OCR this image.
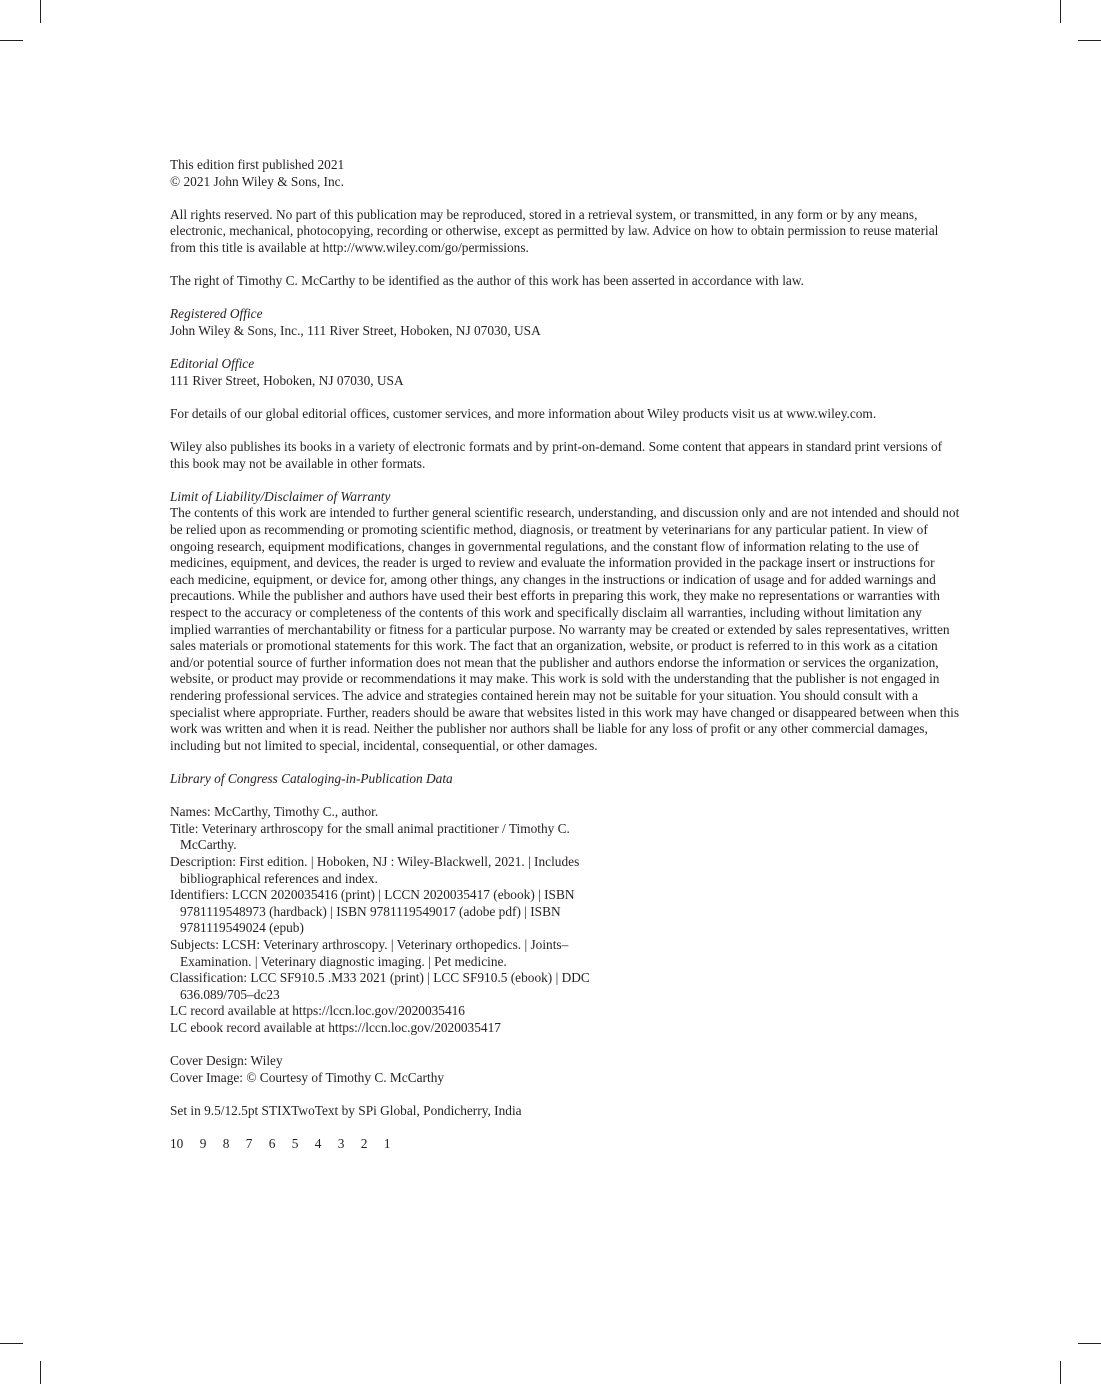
This edition first published 2021

© 2021 John Wiley & Sons, Inc.

All rights reserved. No part of this publication may be reproduced, stored in a retrieval system, or transmitted, in any form or by any means, electronic, mechanical, photocopying, recording or otherwise, except as permitted by law. Advice on how to obtain permission to reuse material from this title is available at http://www.wiley.com/go/permissions.

The right of Timothy C. McCarthy to be identified as the author of this work has been asserted in accordance with law.

Registered Office

John Wiley & Sons, Inc., 111 River Street, Hoboken, NJ 07030, USA

Editorial Office

111 River Street, Hoboken, NJ 07030, USA

For details of our global editorial offices, customer services, and more information about Wiley products visit us at www.wiley.com.

Wiley also publishes its books in a variety of electronic formats and by print-on-demand. Some content that appears in standard print versions of this book may not be available in other formats.

Limit of Liability/Disclaimer of Warranty

The contents of this work are intended to further general scientific research, understanding, and discussion only and are not intended and should not be relied upon as recommending or promoting scientific method, diagnosis, or treatment by veterinarians for any particular patient. In view of ongoing research, equipment modifications, changes in governmental regulations, and the constant flow of information relating to the use of medicines, equipment, and devices, the reader is urged to review and evaluate the information provided in the package insert or instructions for each medicine, equipment, or device for, among other things, any changes in the instructions or indication of usage and for added warnings and precautions. While the publisher and authors have used their best efforts in preparing this work, they make no representations or warranties with respect to the accuracy or completeness of the contents of this work and specifically disclaim all warranties, including without limitation any implied warranties of merchantability or fitness for a particular purpose. No warranty may be created or extended by sales representatives, written sales materials or promotional statements for this work. The fact that an organization, website, or product is referred to in this work as a citation and/or potential source of further information does not mean that the publisher and authors endorse the information or services the organization, website, or product may provide or recommendations it may make. This work is sold with the understanding that the publisher is not engaged in rendering professional services. The advice and strategies contained herein may not be suitable for your situation. You should consult with a specialist where appropriate. Further, readers should be aware that websites listed in this work may have changed or disappeared between when this work was written and when it is read. Neither the publisher nor authors shall be liable for any loss of profit or any other commercial damages, including but not limited to special, incidental, consequential, or other damages.

Library of Congress Cataloging-in-Publication Data
Names: McCarthy, Timothy C., author.
Title: Veterinary arthroscopy for the small animal practitioner / Timothy C. McCarthy.
Description: First edition. | Hoboken, NJ : Wiley-Blackwell, 2021. | Includes bibliographical references and index.
Identifiers: LCCN 2020035416 (print) | LCCN 2020035417 (ebook) | ISBN 9781119548973 (hardback) | ISBN 9781119549017 (adobe pdf) | ISBN 9781119549024 (epub)
Subjects: LCSH: Veterinary arthroscopy. | Veterinary orthopedics. | Joints–Examination. | Veterinary diagnostic imaging. | Pet medicine.
Classification: LCC SF910.5 .M33 2021 (print) | LCC SF910.5 (ebook) | DDC 636.089/705–dc23
LC record available at https://lccn.loc.gov/2020035416
LC ebook record available at https://lccn.loc.gov/2020035417

Cover Design: Wiley

Cover Image: © Courtesy of Timothy C. McCarthy

Set in 9.5/12.5pt STIXTwoText by SPi Global, Pondicherry, India

10 9 8 7 6 5 4 3 2 1
